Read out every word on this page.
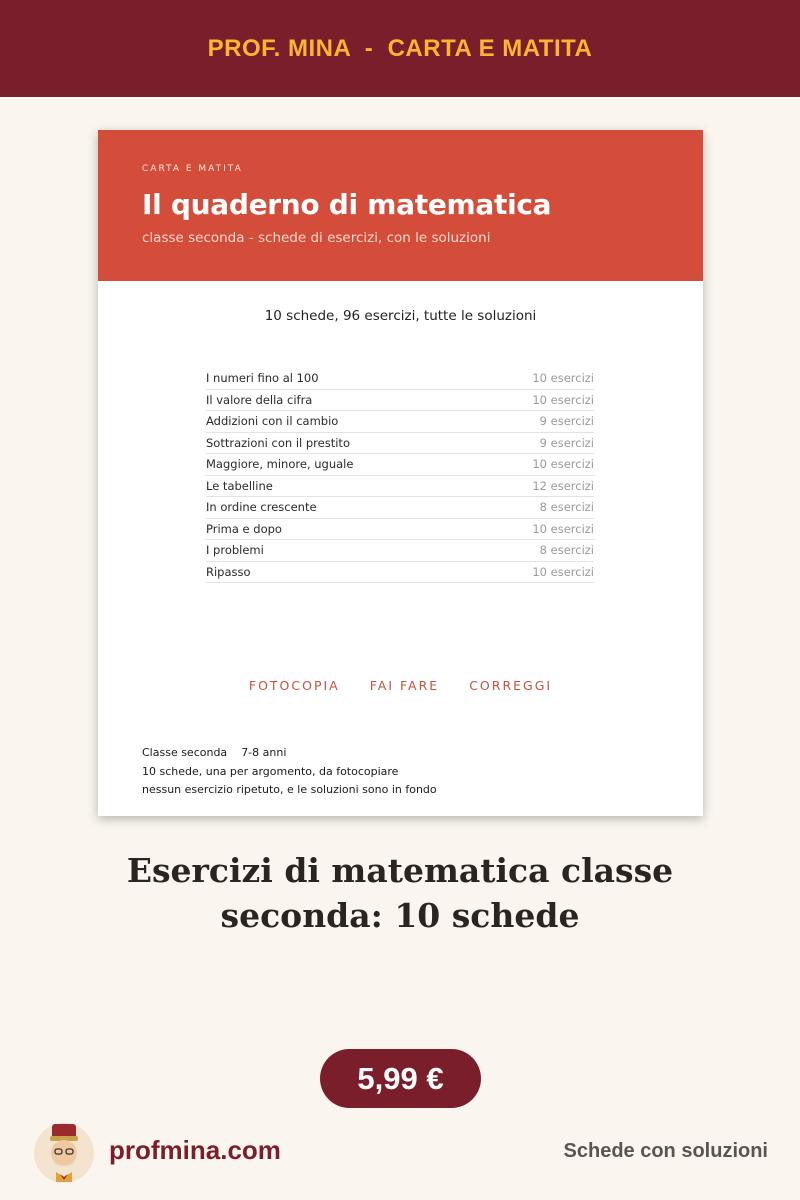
PROF. MINA  -  CARTA E MATITA
CARTA E MATITA
Il quaderno di matematica
classe seconda - schede di esercizi, con le soluzioni
10 schede, 96 esercizi, tutte le soluzioni
I numeri fino al 100	10 esercizi
Il valore della cifra	10 esercizi
Addizioni con il cambio	9 esercizi
Sottrazioni con il prestito	9 esercizi
Maggiore, minore, uguale	10 esercizi
Le tabelline	12 esercizi
In ordine crescente	8 esercizi
Prima e dopo	10 esercizi
I problemi	8 esercizi
Ripasso	10 esercizi
FOTOCOPIA FAI FARE CORREGGI
Classe seconda 7-8 anni
10 schede, una per argomento, da fotocopiare
nessun esercizio ripetuto, e le soluzioni sono in fondo
Esercizi di matematica classe
seconda: 10 schede
5,99 €
profmina.com	Schede con soluzioni
